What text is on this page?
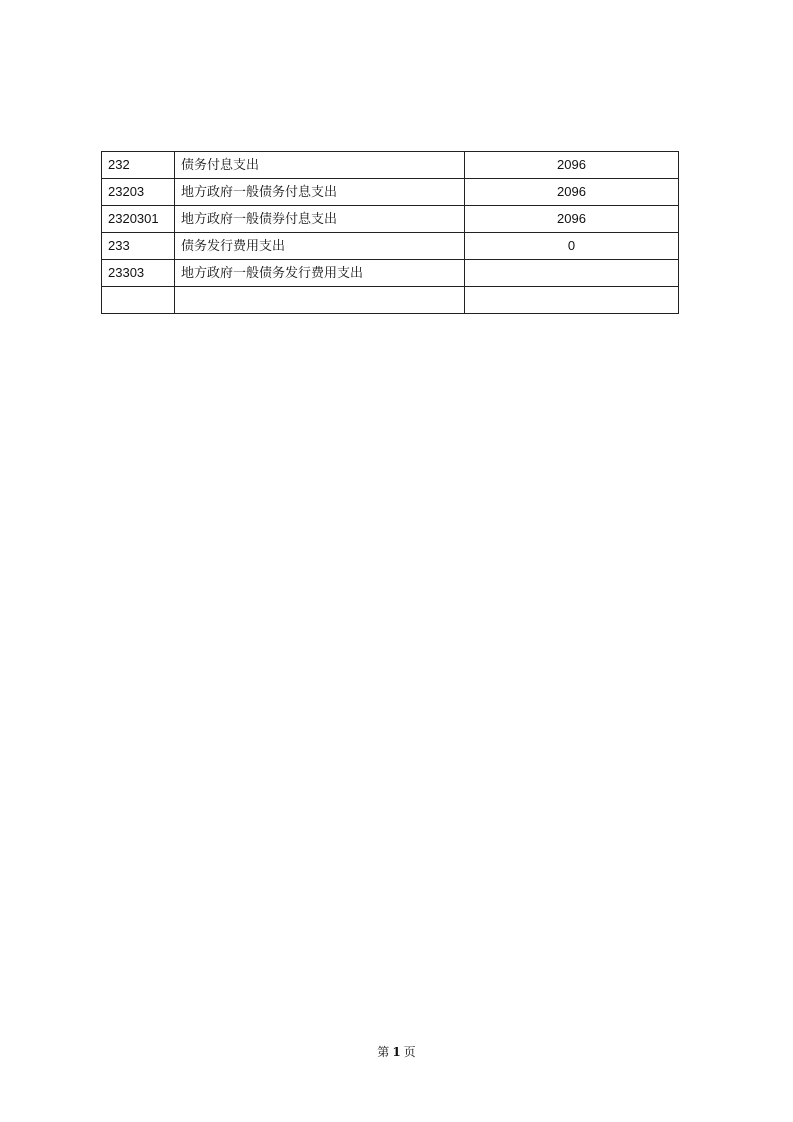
232	债务付息支出	2096
23203	地方政府一般债务付息支出	2096
2320301	地方政府一般债券付息支出	2096
233	债务发行费用支出	0
23303	地方政府一般债务发行费用支出	

第 1 页
